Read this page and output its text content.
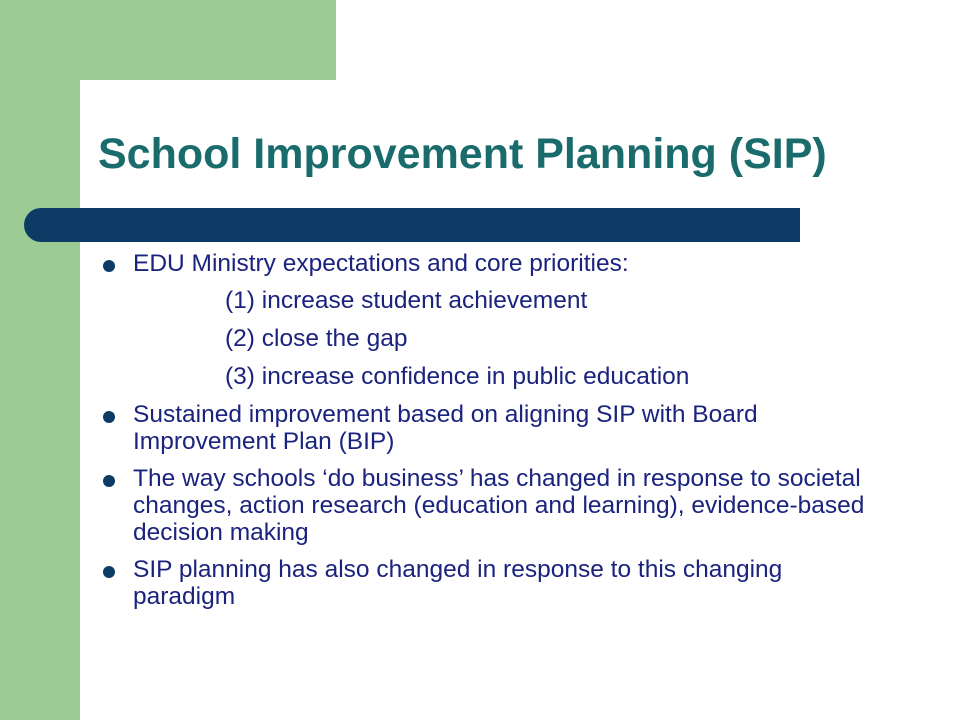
School Improvement Planning (SIP)
EDU Ministry expectations and core priorities:
(1) increase student achievement
(2) close the gap
(3) increase confidence in public education
Sustained improvement based on aligning SIP with Board Improvement Plan (BIP)
The way schools ‘do business’ has changed in response to societal changes, action research (education and learning), evidence-based decision making
SIP planning has also changed in response to this changing paradigm
